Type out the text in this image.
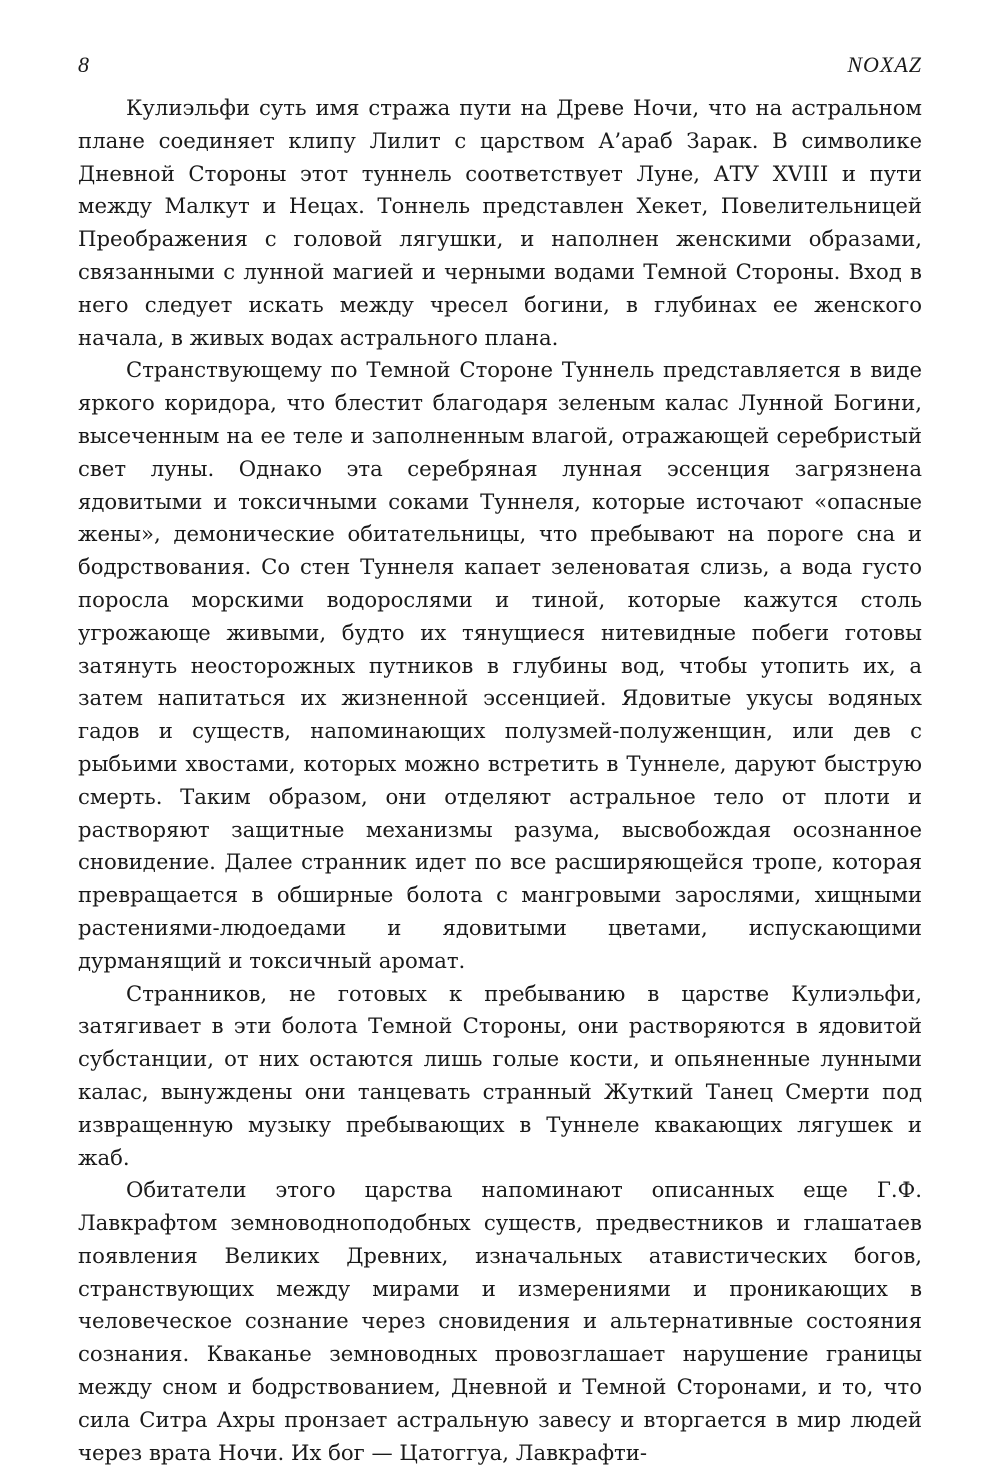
8	NOXAZ

Кулиэльфи суть имя стража пути на Древе Ночи, что на астральном плане соединяет клипу Лилит с царством А’араб Зарак. В символике Дневной Стороны этот туннель соответствует Луне, АТУ XVIII и пути между Малкут и Нецах. Тоннель представлен Хекет, Повелительницей Преображения с головой лягушки, и наполнен женскими образами, связанными с лунной магией и черными водами Темной Стороны. Вход в него следует искать между чресел богини, в глубинах ее женского начала, в живых водах астрального плана.

Странствующему по Темной Стороне Туннель представляется в виде яркого коридора, что блестит благодаря зеленым калас Лунной Богини, высеченным на ее теле и заполненным влагой, отражающей серебристый свет луны. Однако эта серебряная лунная эссенция загрязнена ядовитыми и токсичными соками Туннеля, которые источают «опасные жены», демонические обитательницы, что пребывают на пороге сна и бодрствования. Со стен Туннеля капает зеленоватая слизь, а вода густо поросла морскими водорослями и тиной, которые кажутся столь угрожающе живыми, будто их тянущиеся нитевидные побеги готовы затянуть неосторожных путников в глубины вод, чтобы утопить их, а затем напитаться их жизненной эссенцией. Ядовитые укусы водяных гадов и существ, напоминающих полузмей-полуженщин, или дев с рыбьими хвостами, которых можно встретить в Туннеле, даруют быструю смерть. Таким образом, они отделяют астральное тело от плоти и растворяют защитные механизмы разума, высвобождая осознанное сновидение. Далее странник идет по все расширяющейся тропе, которая превращается в обширные болота с мангровыми зарослями, хищными растениями-людоедами и ядовитыми цветами, испускающими дурманящий и токсичный аромат.

Странников, не готовых к пребыванию в царстве Кулиэльфи, затягивает в эти болота Темной Стороны, они растворяются в ядовитой субстанции, от них остаются лишь голые кости, и опьяненные лунными калас, вынуждены они танцевать странный Жуткий Танец Смерти под извращенную музыку пребывающих в Туннеле квакающих лягушек и жаб.

Обитатели этого царства напоминают описанных еще Г.Ф. Лавкрафтом земноводноподобных существ, предвестников и глашатаев появления Великих Древних, изначальных атавистических богов, странствующих между мирами и измерениями и проникающих в человеческое сознание через сновидения и альтернативные состояния сознания. Кваканье земноводных провозглашает нарушение границы между сном и бодрствованием, Дневной и Темной Сторонами, и то, что сила Ситра Ахры пронзает астральную завесу и вторгается в мир людей через врата Ночи. Их бог — Цатоггуа, Лавкрафти-
